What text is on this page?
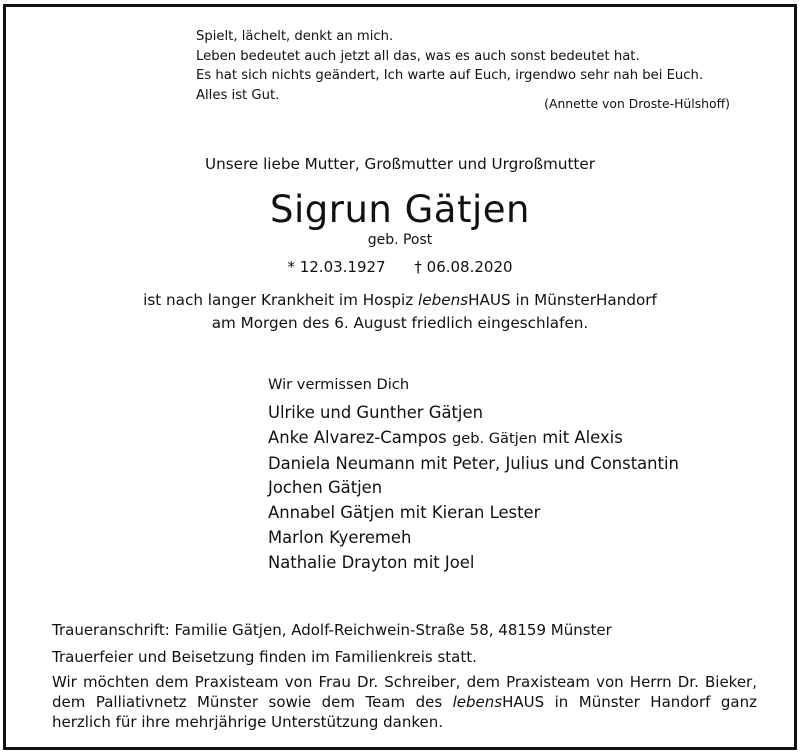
Spielt, lächelt, denkt an mich.
Leben bedeutet auch jetzt all das, was es auch sonst bedeutet hat.
Es hat sich nichts geändert, Ich warte auf Euch, irgendwo sehr nah bei Euch.
Alles ist Gut.
(Annette von Droste-Hülshoff)
Unsere liebe Mutter, Großmutter und Urgroßmutter
Sigrun Gätjen
geb. Post
* 12.03.1927 † 06.08.2020
ist nach langer Krankheit im Hospiz lebensHAUS in MünsterHandorf
am Morgen des 6. August friedlich eingeschlafen.
Wir vermissen Dich
Ulrike und Gunther Gätjen
Anke Alvarez-Campos geb. Gätjen mit Alexis
Daniela Neumann mit Peter, Julius und Constantin
Jochen Gätjen
Annabel Gätjen mit Kieran Lester
Marlon Kyeremeh
Nathalie Drayton mit Joel
Traueranschrift: Familie Gätjen, Adolf-Reichwein-Straße 58, 48159 Münster
Trauerfeier und Beisetzung finden im Familienkreis statt.
Wir möchten dem Praxisteam von Frau Dr. Schreiber, dem Praxisteam von Herrn Dr. Bieker, dem Palliativnetz Münster sowie dem Team des lebensHAUS in Münster Handorf ganz herzlich für ihre mehrjährige Unterstützung danken.
